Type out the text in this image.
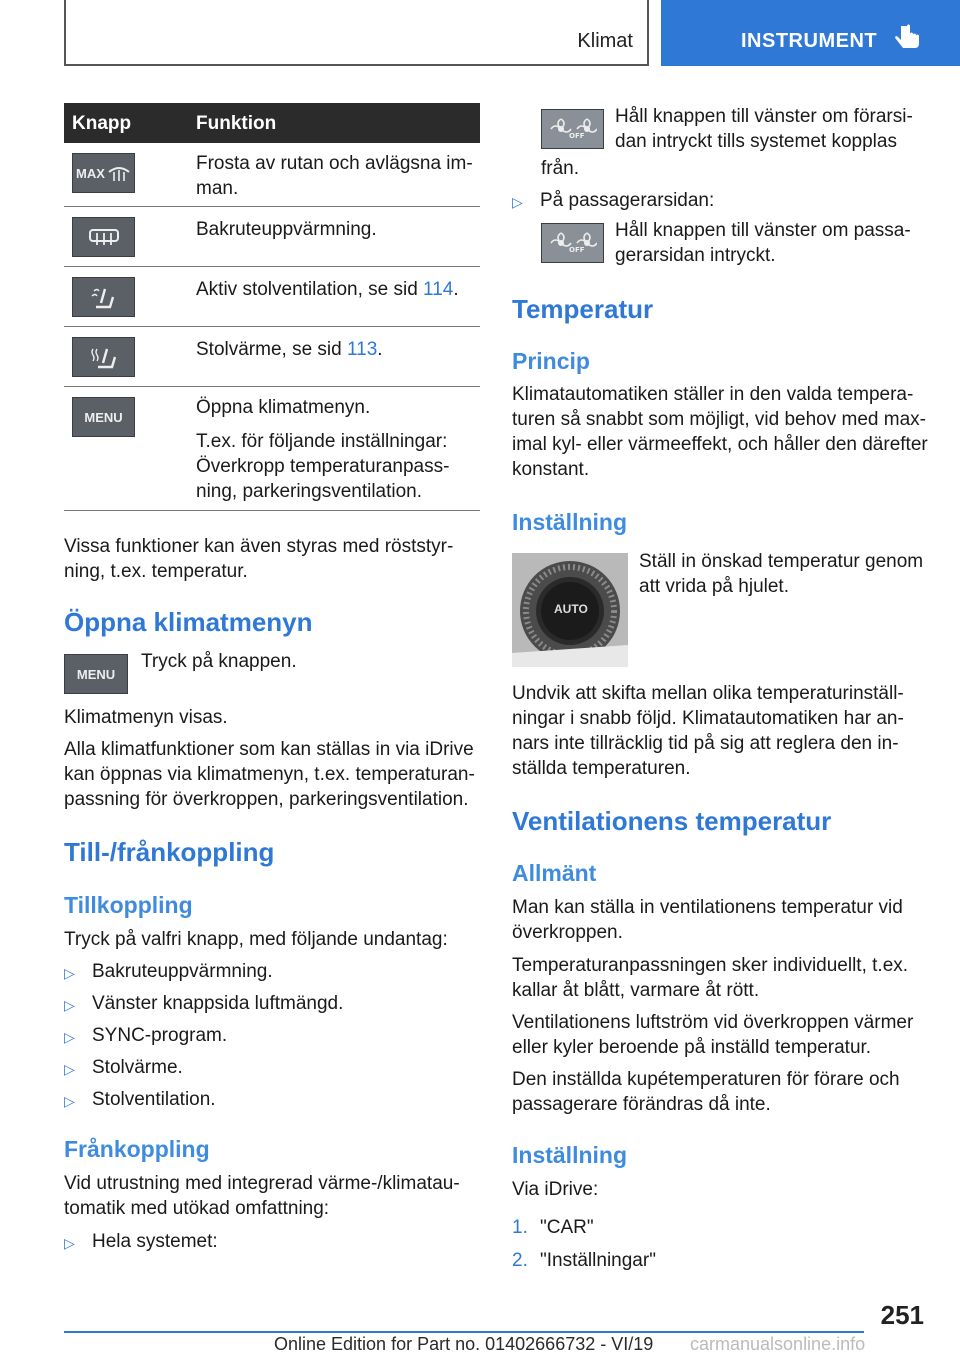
Klimat	INSTRUMENT
Knapp	Funktion
MAX	Frosta av rutan och avlägsna im-
man.
Bakruteuppvärmning.
Aktiv stolventilation, se sid 114.
Stolvärme, se sid 113.
MENU	Öppna klimatmenyn.
T.ex. för följande inställningar:
Överkropp temperaturanpass-
ning, parkeringsventilation.
Vissa funktioner kan även styras med röststyr-
ning, t.ex. temperatur.
Öppna klimatmenyn
MENU
Tryck på knappen.
Klimatmenyn visas.
Alla klimatfunktioner som kan ställas in via iDrive
kan öppnas via klimatmenyn, t.ex. temperaturan-
passning för överkroppen, parkeringsventilation.
Till-/frånkoppling
Tillkoppling
Tryck på valfri knapp, med följande undantag:
▷ Bakruteuppvärmning.
▷ Vänster knappsida luftmängd.
▷ SYNC-program.
▷ Stolvärme.
▷ Stolventilation.
Frånkoppling
Vid utrustning med integrerad värme-/klimatau-
tomatik med utökad omfattning:
▷ Hela systemet:
OFF
Håll knappen till vänster om förarsi-
dan intryckt tills systemet kopplas
från.
▷ På passagerarsidan:
OFF
Håll knappen till vänster om passa-
gerarsidan intryckt.
Temperatur
Princip
Klimatautomatiken ställer in den valda tempera-
turen så snabbt som möjligt, vid behov med max-
imal kyl- eller värmeeffekt, och håller den därefter
konstant.
Inställning
AUTO
Ställ in önskad temperatur genom
att vrida på hjulet.
Undvik att skifta mellan olika temperaturinställ-
ningar i snabb följd. Klimatautomatiken har an-
nars inte tillräcklig tid på sig att reglera den in-
ställda temperaturen.
Ventilationens temperatur
Allmänt
Man kan ställa in ventilationens temperatur vid
överkroppen.
Temperaturanpassningen sker individuellt, t.ex.
kallar åt blått, varmare åt rött.
Ventilationens luftström vid överkroppen värmer
eller kyler beroende på inställd temperatur.
Den inställda kupétemperaturen för förare och
passagerare förändras då inte.
Inställning
Via iDrive:
1. "CAR"
2. "Inställningar"
251
Online Edition for Part no. 01402666732 - VI/19 carmanualsonline.info
